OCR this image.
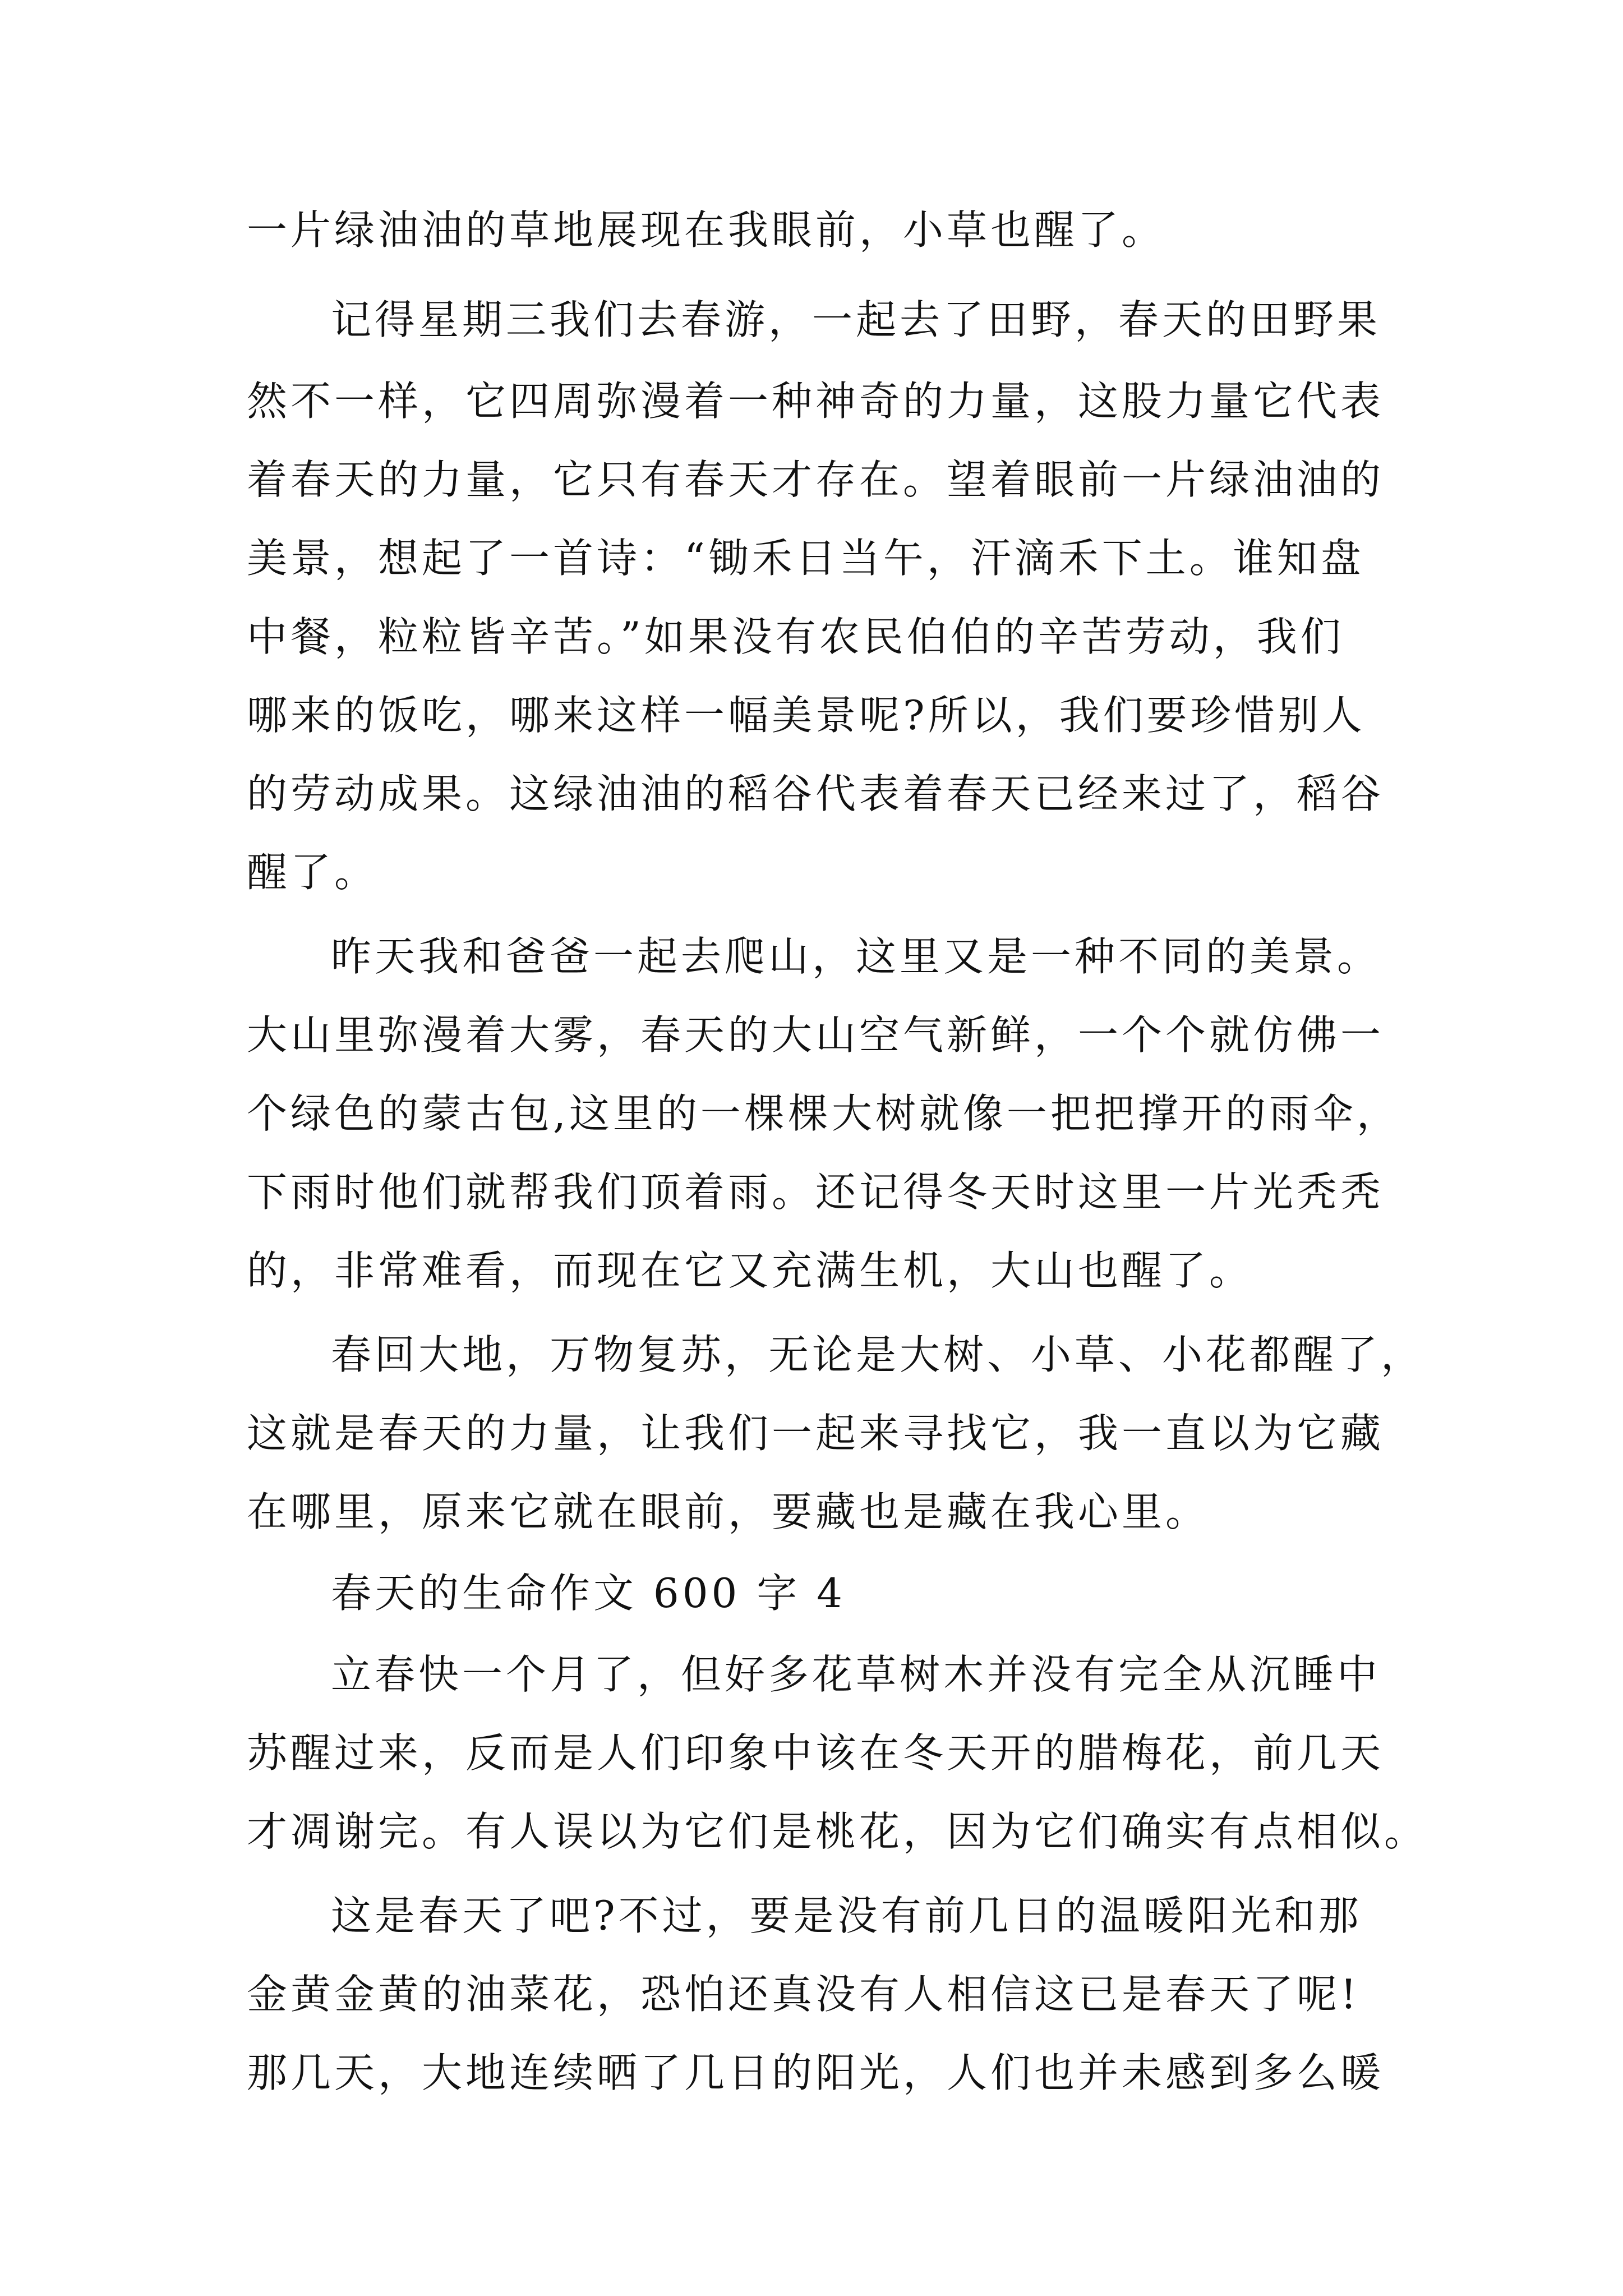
一片绿油油的草地展现在我眼前，小草也醒了。
记得星期三我们去春游，一起去了田野，春天的田野果
然不一样，它四周弥漫着一种神奇的力量，这股力量它代表
着春天的力量，它只有春天才存在。望着眼前一片绿油油的
美景，想起了一首诗：“锄禾日当午，汗滴禾下土。谁知盘
中餐，粒粒皆辛苦。”如果没有农民伯伯的辛苦劳动，我们
哪来的饭吃，哪来这样一幅美景呢?所以，我们要珍惜别人
的劳动成果。这绿油油的稻谷代表着春天已经来过了，稻谷
醒了。
昨天我和爸爸一起去爬山，这里又是一种不同的美景。
大山里弥漫着大雾，春天的大山空气新鲜，一个个就仿佛一
个绿色的蒙古包,这里的一棵棵大树就像一把把撑开的雨伞，
下雨时他们就帮我们顶着雨。还记得冬天时这里一片光秃秃
的，非常难看，而现在它又充满生机，大山也醒了。
春回大地，万物复苏，无论是大树、小草、小花都醒了，
这就是春天的力量，让我们一起来寻找它，我一直以为它藏
在哪里，原来它就在眼前，要藏也是藏在我心里。
春天的生命作文 600 字 4
立春快一个月了，但好多花草树木并没有完全从沉睡中
苏醒过来，反而是人们印象中该在冬天开的腊梅花，前几天
才凋谢完。有人误以为它们是桃花，因为它们确实有点相似。
这是春天了吧?不过，要是没有前几日的温暖阳光和那
金黄金黄的油菜花，恐怕还真没有人相信这已是春天了呢!
那几天，大地连续晒了几日的阳光，人们也并未感到多么暖
